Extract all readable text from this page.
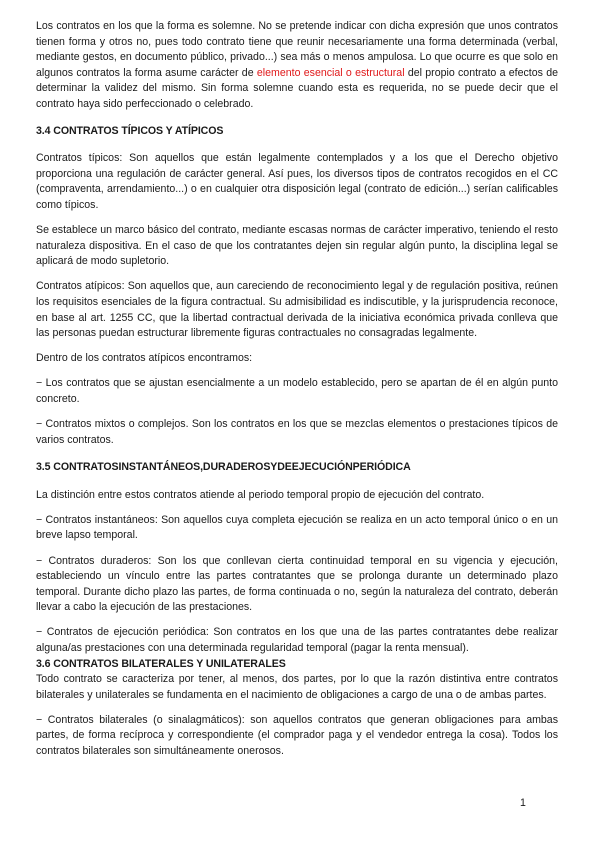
Los contratos en los que la forma es solemne. No se pretende indicar con dicha expresión que unos contratos tienen forma y otros no, pues todo contrato tiene que reunir necesariamente una forma determinada (verbal, mediante gestos, en documento público, privado...) sea más o menos ampulosa. Lo que ocurre es que solo en algunos contratos la forma asume carácter de elemento esencial o estructural del propio contrato a efectos de determinar la validez del mismo. Sin forma solemne cuando esta es requerida, no se puede decir que el contrato haya sido perfeccionado o celebrado.

3.4 CONTRATOS TÍPICOS Y ATÍPICOS

Contratos típicos: Son aquellos que están legalmente contemplados y a los que el Derecho objetivo proporciona una regulación de carácter general. Así pues, los diversos tipos de contratos recogidos en el CC (compraventa, arrendamiento...) o en cualquier otra disposición legal (contrato de edición...) serían calificables como típicos.

Se establece un marco básico del contrato, mediante escasas normas de carácter imperativo, teniendo el resto naturaleza dispositiva. En el caso de que los contratantes dejen sin regular algún punto, la disciplina legal se aplicará de modo supletorio.

Contratos atípicos: Son aquellos que, aun careciendo de reconocimiento legal y de regulación positiva, reúnen los requisitos esenciales de la figura contractual. Su admisibilidad es indiscutible, y la jurisprudencia reconoce, en base al art. 1255 CC, que la libertad contractual derivada de la iniciativa económica privada conlleva que las personas puedan estructurar libremente figuras contractuales no consagradas legalmente.

Dentro de los contratos atípicos encontramos:

− Los contratos que se ajustan esencialmente a un modelo establecido, pero se apartan de él en algún punto concreto.

− Contratos mixtos o complejos. Son los contratos en los que se mezclas elementos o prestaciones típicos de varios contratos.

3.5 CONTRATOSINSTANTÁNEOS,DURADEROSYDEEJECUCIÓNPERIÓDICA

La distinción entre estos contratos atiende al periodo temporal propio de ejecución del contrato.

− Contratos instantáneos: Son aquellos cuya completa ejecución se realiza en un acto temporal único o en un breve lapso temporal.

− Contratos duraderos: Son los que conllevan cierta continuidad temporal en su vigencia y ejecución, estableciendo un vínculo entre las partes contratantes que se prolonga durante un determinado plazo temporal. Durante dicho plazo las partes, de forma continuada o no, según la naturaleza del contrato, deberán llevar a cabo la ejecución de las prestaciones.

− Contratos de ejecución periódica: Son contratos en los que una de las partes contratantes debe realizar alguna/as prestaciones con una determinada regularidad temporal (pagar la renta mensual).

3.6 CONTRATOS BILATERALES Y UNILATERALES

Todo contrato se caracteriza por tener, al menos, dos partes, por lo que la razón distintiva entre contratos bilaterales y unilaterales se fundamenta en el nacimiento de obligaciones a cargo de una o de ambas partes.

− Contratos bilaterales (o sinalagmáticos): son aquellos contratos que generan obligaciones para ambas partes, de forma recíproca y correspondiente (el comprador paga y el vendedor entrega la cosa). Todos los contratos bilaterales son simultáneamente onerosos.

1
